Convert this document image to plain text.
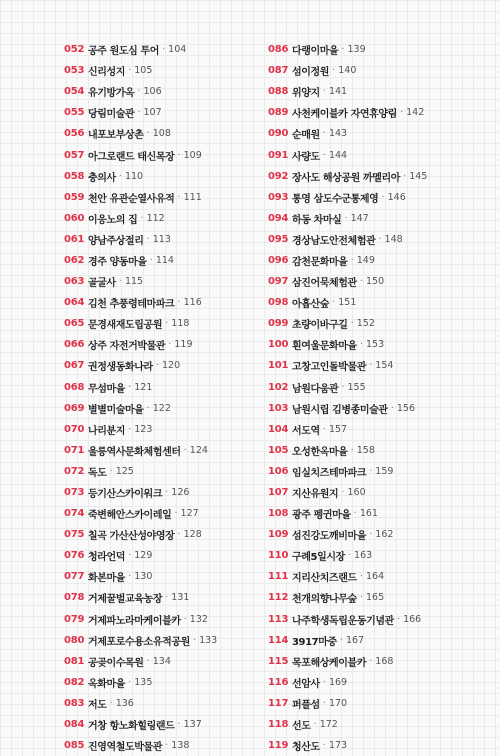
052 공주 원도심 투어 · 104
053 신리성지 · 105
054 유기방가옥 · 106
055 당림미술관 · 107
056 내포보부상촌 · 108
057 아그로랜드 태신목장 · 109
058 충의사 · 110
059 천안 유관순열사유적 · 111
060 이응노의 집 · 112
061 양남주상절리 · 113
062 경주 양동마을 · 114
063 골굴사 · 115
064 김천 추풍령테마파크 · 116
065 문경새재도립공원 · 118
066 상주 자전거박물관 · 119
067 권정생동화나라 · 120
068 무섬마을 · 121
069 별별미술마을 · 122
070 나리분지 · 123
071 울릉역사문화체험센터 · 124
072 독도 · 125
073 등기산스카이워크 · 126
074 죽변해안스카이레일 · 127
075 칠곡 가산산성야영장 · 128
076 청라언덕 · 129
077 화본마을 · 130
078 거제꿀벌교육농장 · 131
079 거제파노라마케이블카 · 132
080 거제포로수용소유적공원 · 133
081 공곶이수목원 · 134
082 옥화마을 · 135
083 저도 · 136
084 거창 항노화힐링랜드 · 137
085 진영역철도박물관 · 138
086 다랭이마을 · 139
087 섬이정원 · 140
088 위양지 · 141
089 사천케이블카 자연휴양림 · 142
090 순매원 · 143
091 사량도 · 144
092 장사도 해상공원 까멜리아 · 145
093 통영 삼도수군통제영 · 146
094 하동 차마실 · 147
095 경상남도안전체험관 · 148
096 감천문화마을 · 149
097 삼진어묵체험관 · 150
098 아홉산숲 · 151
099 초량이바구길 · 152
100 흰여울문화마을 · 153
101 고창고인돌박물관 · 154
102 남원다움관 · 155
103 남원시립 김병종미술관 · 156
104 서도역 · 157
105 오성한옥마을 · 158
106 임실치즈테마파크 · 159
107 지산유원지 · 160
108 광주 펭귄마을 · 161
109 섬진강도깨비마을 · 162
110 구례5일시장 · 163
111 지리산치즈랜드 · 164
112 천개의향나무숲 · 165
113 나주학생독립운동기념관 · 166
114 3917마중 · 167
115 목포해상케이블카 · 168
116 선암사 · 169
117 퍼플섬 · 170
118 선도 · 172
119 청산도 · 173
